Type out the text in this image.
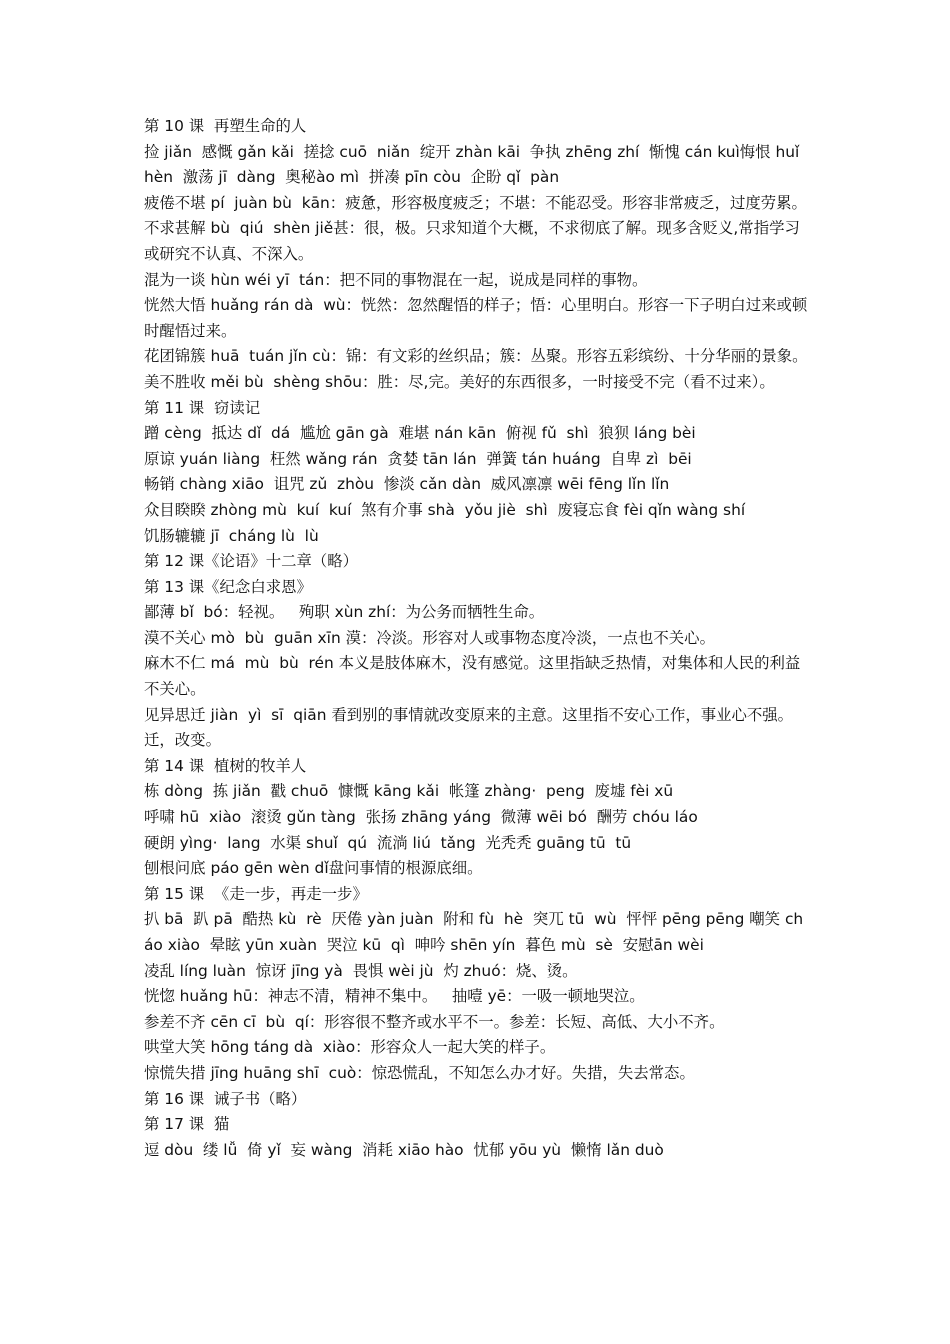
第 10 课  再塑生命的人

捡 jiǎn  感慨 gǎn kǎi  搓捻 cuō  niǎn  绽开 zhàn kāi  争执 zhēng zhí  惭愧 cán kuì悔恨 huǐ hèn  激荡 jī  dàng  奥秘ào mì  拼凑 pīn còu  企盼 qǐ  pàn

疲倦不堪 pí  juàn bù  kān：疲惫，形容极度疲乏；不堪：不能忍受。形容非常疲乏，过度劳累。

不求甚解 bù  qiú  shèn jiě甚：很，极。只求知道个大概，不求彻底了解。现多含贬义,常指学习或研究不认真、不深入。

混为一谈 hùn wéi yī  tán：把不同的事物混在一起，说成是同样的事物。

恍然大悟 huǎng rán dà  wù：恍然：忽然醒悟的样子；悟：心里明白。形容一下子明白过来或顿时醒悟过来。

花团锦簇 huā  tuán jǐn cù：锦：有文彩的丝织品；簇：丛聚。形容五彩缤纷、十分华丽的景象。

美不胜收 měi bù  shèng shōu：胜：尽,完。美好的东西很多，一时接受不完（看不过来）。

第 11 课  窃读记

蹭 cèng  抵达 dǐ  dá  尴尬 gān gà  难堪 nán kān  俯视 fǔ  shì  狼狈 láng bèi

原谅 yuán liàng  枉然 wǎng rán  贪婪 tān lán  弹簧 tán huáng  自卑 zì  bēi

畅销 chàng xiāo  诅咒 zǔ  zhòu  惨淡 cǎn dàn  威风凛凛 wēi fēng lǐn lǐn

众目睽睽 zhòng mù  kuí  kuí  煞有介事 shà  yǒu jiè  shì  废寝忘食 fèi qǐn wàng shí

饥肠辘辘 jī  cháng lù  lù

第 12 课《论语》十二章（略）

第 13 课《纪念白求恩》

鄙薄 bǐ  bó：轻视。   殉职 xùn zhí：为公务而牺牲生命。

漠不关心 mò  bù  guān xīn 漠：冷淡。形容对人或事物态度冷淡，一点也不关心。

麻木不仁 má  mù  bù  rén 本义是肢体麻木，没有感觉。这里指缺乏热情，对集体和人民的利益不关心。

见异思迁 jiàn  yì  sī  qiān 看到别的事情就改变原来的主意。这里指不安心工作，事业心不强。迁，改变。

第 14 课  植树的牧羊人

栋 dòng  拣 jiǎn  戳 chuō  慷慨 kāng kǎi  帐篷 zhàng·  peng  废墟 fèi xū

呼啸 hū  xiào  滚烫 gǔn tàng  张扬 zhāng yáng  微薄 wēi bó  酬劳 chóu láo

硬朗 yìng·  lang  水渠 shuǐ  qú  流淌 liú  tǎng  光秃秃 guāng tū  tū

刨根问底 páo gēn wèn dǐ盘问事情的根源底细。

第 15 课  《走一步，再走一步》

扒 bā  趴 pā  酷热 kù  rè  厌倦 yàn juàn  附和 fù  hè  突兀 tū  wù  怦怦 pēng pēng 嘲笑 cháo xiào  晕眩 yūn xuàn  哭泣 kū  qì  呻吟 shēn yín  暮色 mù  sè  安慰ān wèi

凌乱 líng luàn  惊讶 jīng yà  畏惧 wèi jù  灼 zhuó：烧、烫。

恍惚 huǎng hū：神志不清，精神不集中。   抽噎 yē：一吸一顿地哭泣。

参差不齐 cēn cī  bù  qí：形容很不整齐或水平不一。参差：长短、高低、大小不齐。

哄堂大笑 hōng táng dà  xiào：形容众人一起大笑的样子。

惊慌失措 jīng huāng shī  cuò：惊恐慌乱，不知怎么办才好。失措，失去常态。

第 16 课  诫子书（略）

第 17 课  猫

逗 dòu  缕 lǚ  倚 yǐ  妄 wàng  消耗 xiāo hào  忧郁 yōu yù  懒惰 lǎn duò
